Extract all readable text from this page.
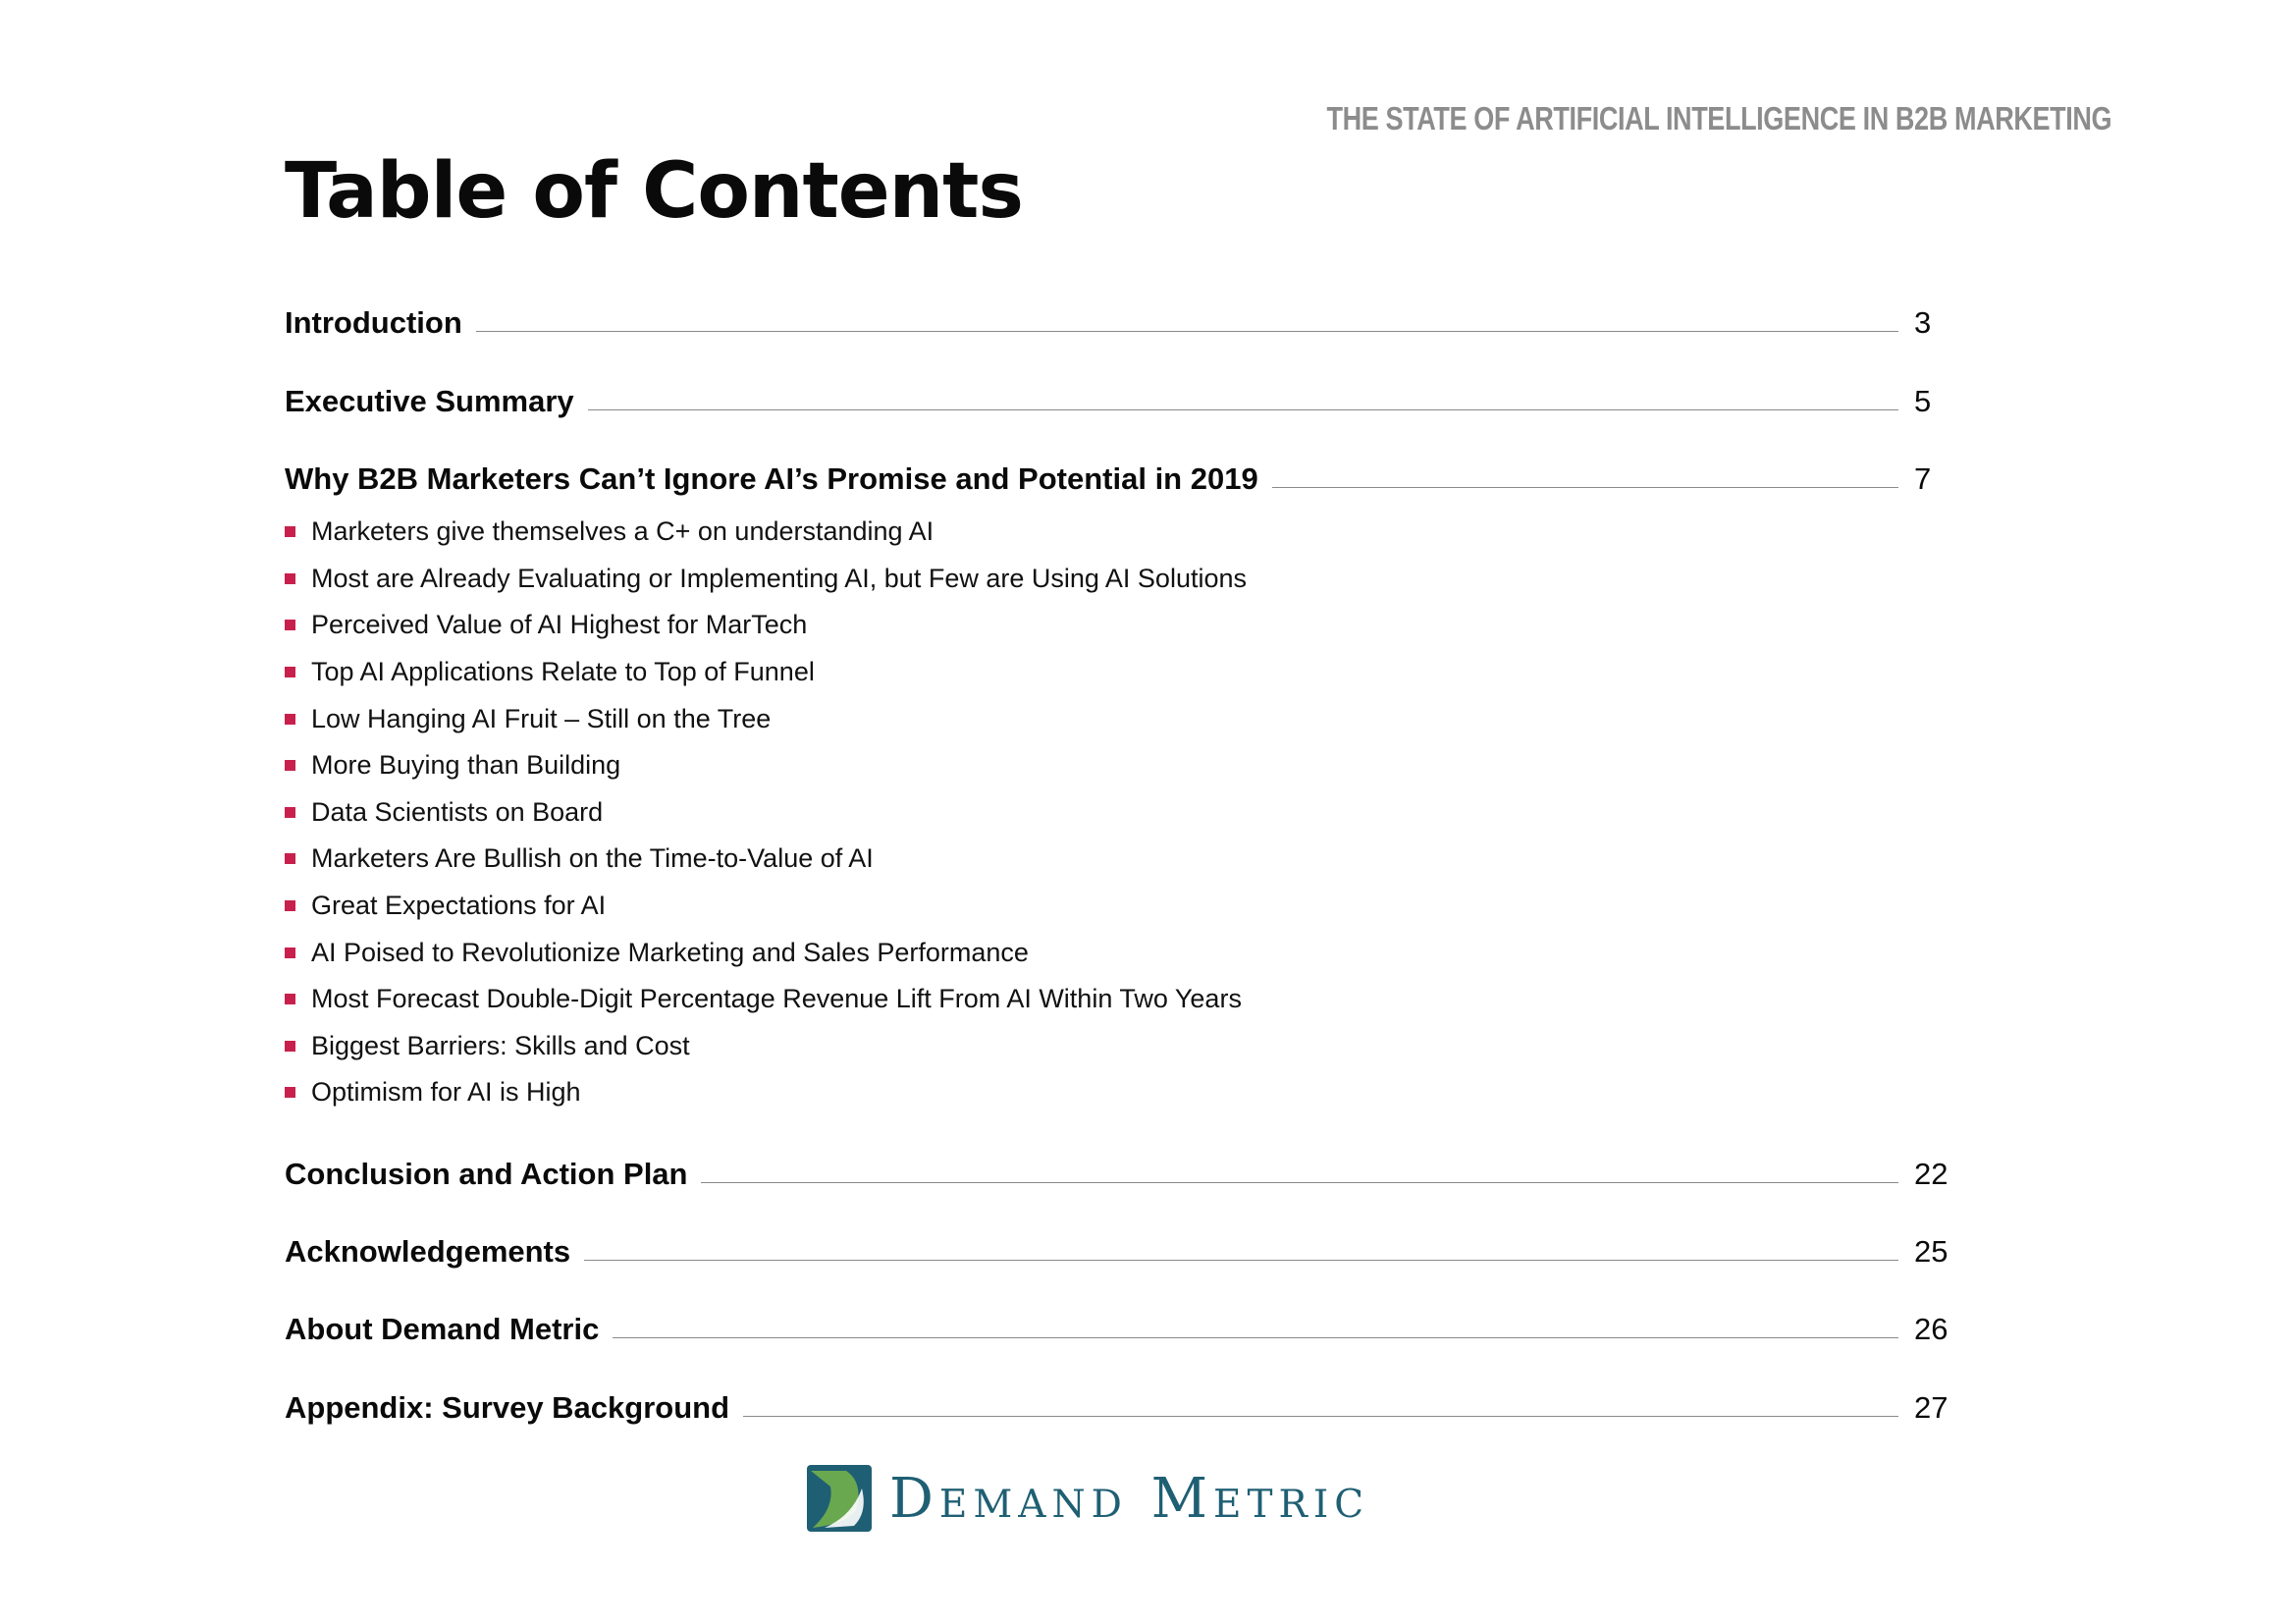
THE STATE OF ARTIFICIAL INTELLIGENCE IN B2B MARKETING
Table of Contents
Introduction	3
Executive Summary	5
Why B2B Marketers Can’t Ignore AI’s Promise and Potential in 2019	7
Marketers give themselves a C+ on understanding AI
Most are Already Evaluating or Implementing AI, but Few are Using AI Solutions
Perceived Value of AI Highest for MarTech
Top AI Applications Relate to Top of Funnel
Low Hanging AI Fruit – Still on the Tree
More Buying than Building
Data Scientists on Board
Marketers Are Bullish on the Time-to-Value of AI
Great Expectations for AI
AI Poised to Revolutionize Marketing and Sales Performance
Most Forecast Double-Digit Percentage Revenue Lift From AI Within Two Years
Biggest Barriers: Skills and Cost
Optimism for AI is High
Conclusion and Action Plan	22
Acknowledgements	25
About Demand Metric	26
Appendix: Survey Background	27
Demand Metric
